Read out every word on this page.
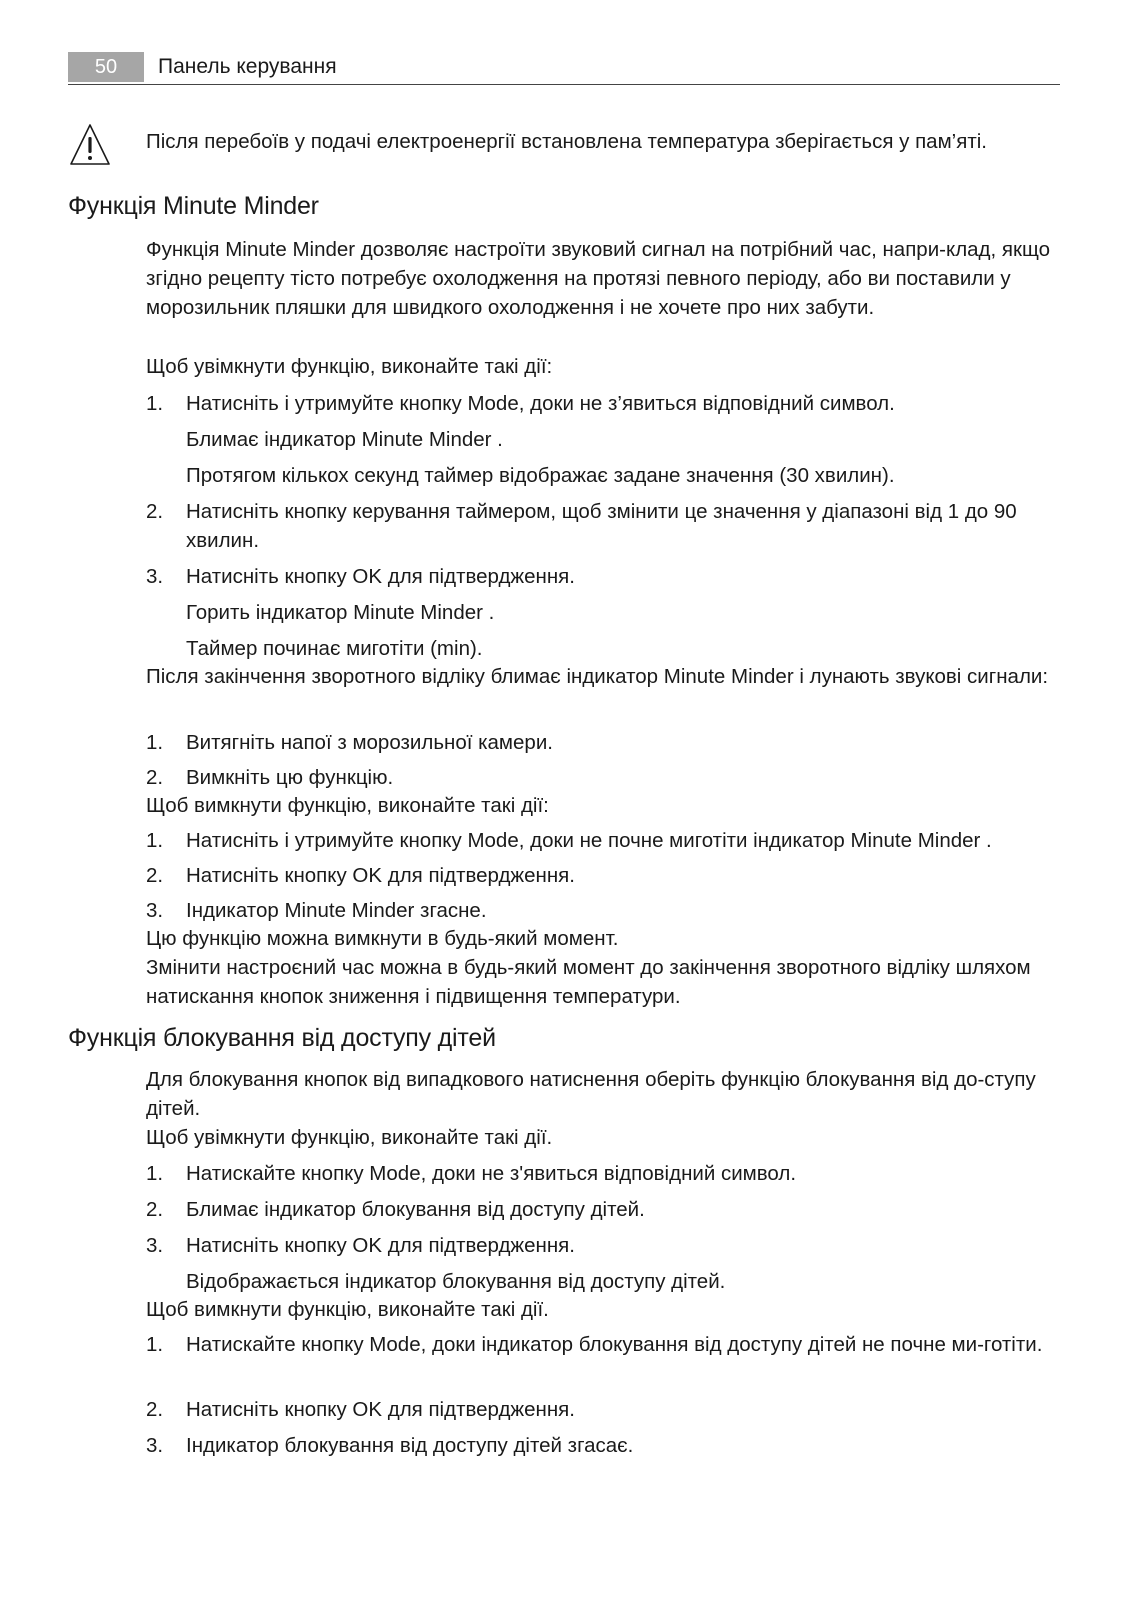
50	Панель керування
Після перебоїв у подачі електроенергії встановлена температура зберігається у пам’яті.
Функція Minute Minder

Функція Minute Minder дозволяє настроїти звуковий сигнал на потрібний час, напри-клад, якщо згідно рецепту тісто потребує охолодження на протязі певного періоду, або ви поставили у морозильник пляшки для швидкого охолодження і не хочете про них забути.

Щоб увімкнути функцію, виконайте такі дії:

1.	Натисніть і утримуйте кнопку Mode, доки не з’явиться відповідний символ.

Блимає індикатор Minute Minder .

Протягом кількох секунд таймер відображає задане значення (30 хвилин).

2.	Натисніть кнопку керування таймером, щоб змінити це значення у діапазоні від 1 до 90 хвилин.
3.	Натисніть кнопку OK для підтвердження.

Горить індикатор Minute Minder .

Таймер починає миготіти (min).

Після закінчення зворотного відліку блимає індикатор Minute Minder і лунають звукові сигнали:

1.	Витягніть напої з морозильної камери.
2.	Вимкніть цю функцію.

Щоб вимкнути функцію, виконайте такі дії:

1.	Натисніть і утримуйте кнопку Mode, доки не почне миготіти індикатор Minute Minder .
2.	Натисніть кнопку OK для підтвердження.
3.	Індикатор Minute Minder згасне.

Цю функцію можна вимкнути в будь-який момент.

Змінити настроєний час можна в будь-який момент до закінчення зворотного відліку шляхом натискання кнопок зниження і підвищення температури.

Функція блокування від доступу дітей

Для блокування кнопок від випадкового натиснення оберіть функцію блокування від до-ступу дітей.

Щоб увімкнути функцію, виконайте такі дії.

1.	Натискайте кнопку Mode, доки не з'явиться відповідний символ.
2.	Блимає індикатор блокування від доступу дітей.
3.	Натисніть кнопку OK для підтвердження.

Відображається індикатор блокування від доступу дітей.

Щоб вимкнути функцію, виконайте такі дії.

1.	Натискайте кнопку Mode, доки індикатор блокування від доступу дітей не почне ми-готіти.
2.	Натисніть кнопку OK для підтвердження.
3.	Індикатор блокування від доступу дітей згасає.
